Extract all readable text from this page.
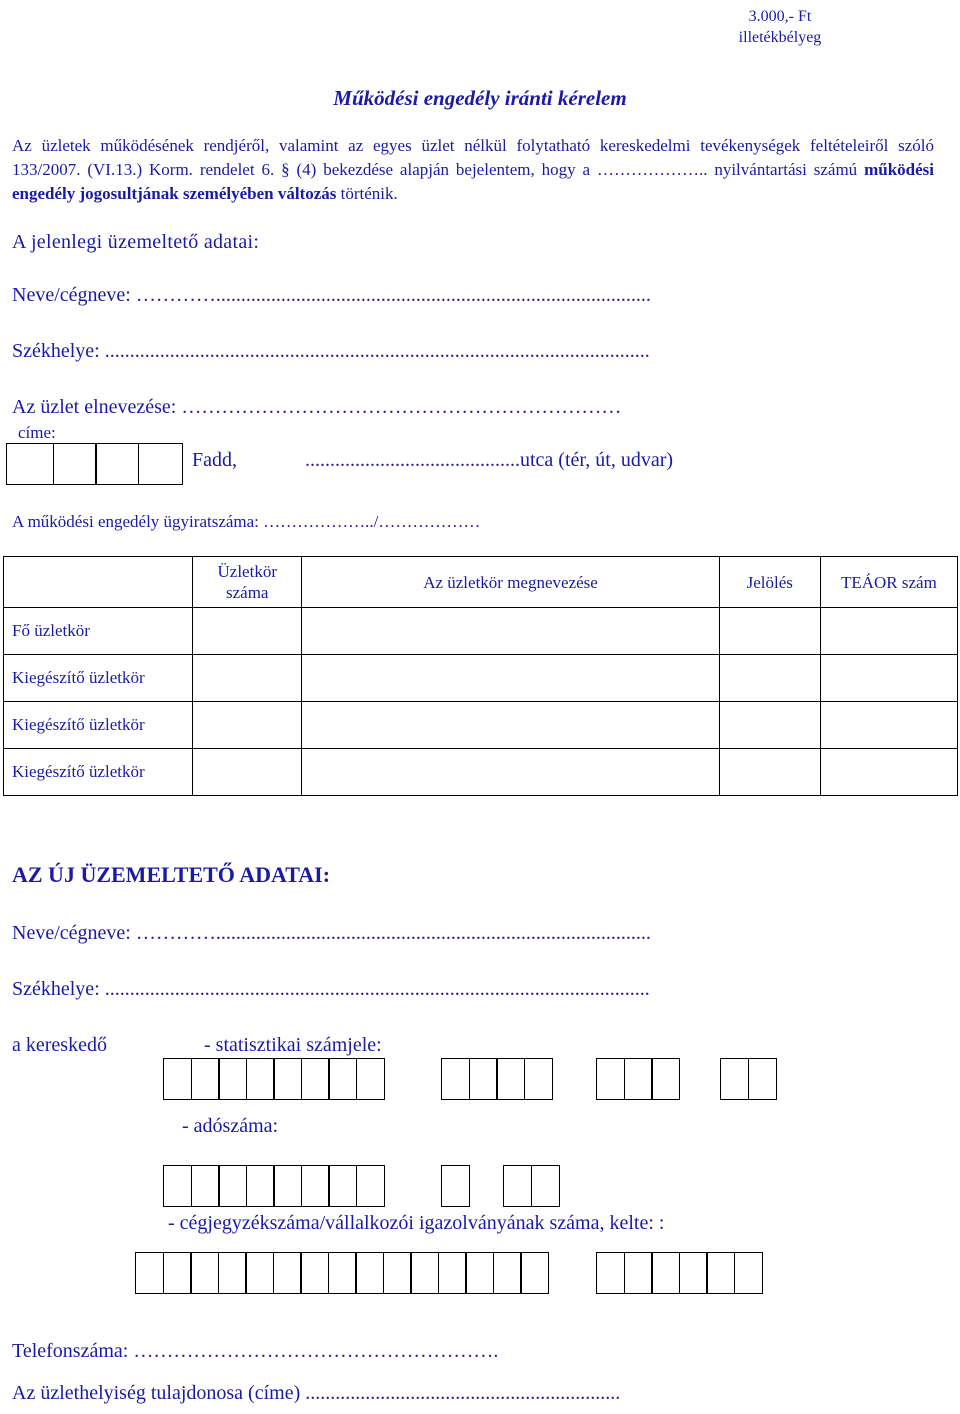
3.000,- Ft
illetékbélyeg
Működési engedély iránti kérelem
Az üzletek működésének rendjéről, valamint az egyes üzlet nélkül folytatható kereskedelmi tevékenységek feltételeiről szóló 133/2007. (VI.13.) Korm. rendelet 6. § (4) bekezdése alapján bejelentem, hogy a ……………….. nyilvántartási számú működési engedély jogosultjának személyében változás történik.
A jelenlegi üzemeltető adatai:
Neve/cégneve: ………….......................................................................................
Székhelye: .............................................................................................................
Az üzlet elnevezése: …………………………………………………………
címe:
Fadd,	...........................................utca (tér, út, udvar)
A működési engedély ügyiratszáma: ………………../………………
	Üzletkör száma	Az üzletkör megnevezése	Jelölés	TEÁOR szám
Fő üzletkör				
Kiegészítő üzletkör				
Kiegészítő üzletkör				
Kiegészítő üzletkör				
AZ ÚJ ÜZEMELTETŐ ADATAI:
Neve/cégneve: ………….......................................................................................
Székhelye: .............................................................................................................
a kereskedő	- statisztikai számjele:
- adószáma:
- cégjegyzékszáma/vállalkozói igazolványának száma, kelte: :
Telefonszáma: ……………………………………………….
Az üzlethelyiség tulajdonosa (címe) ...............................................................
